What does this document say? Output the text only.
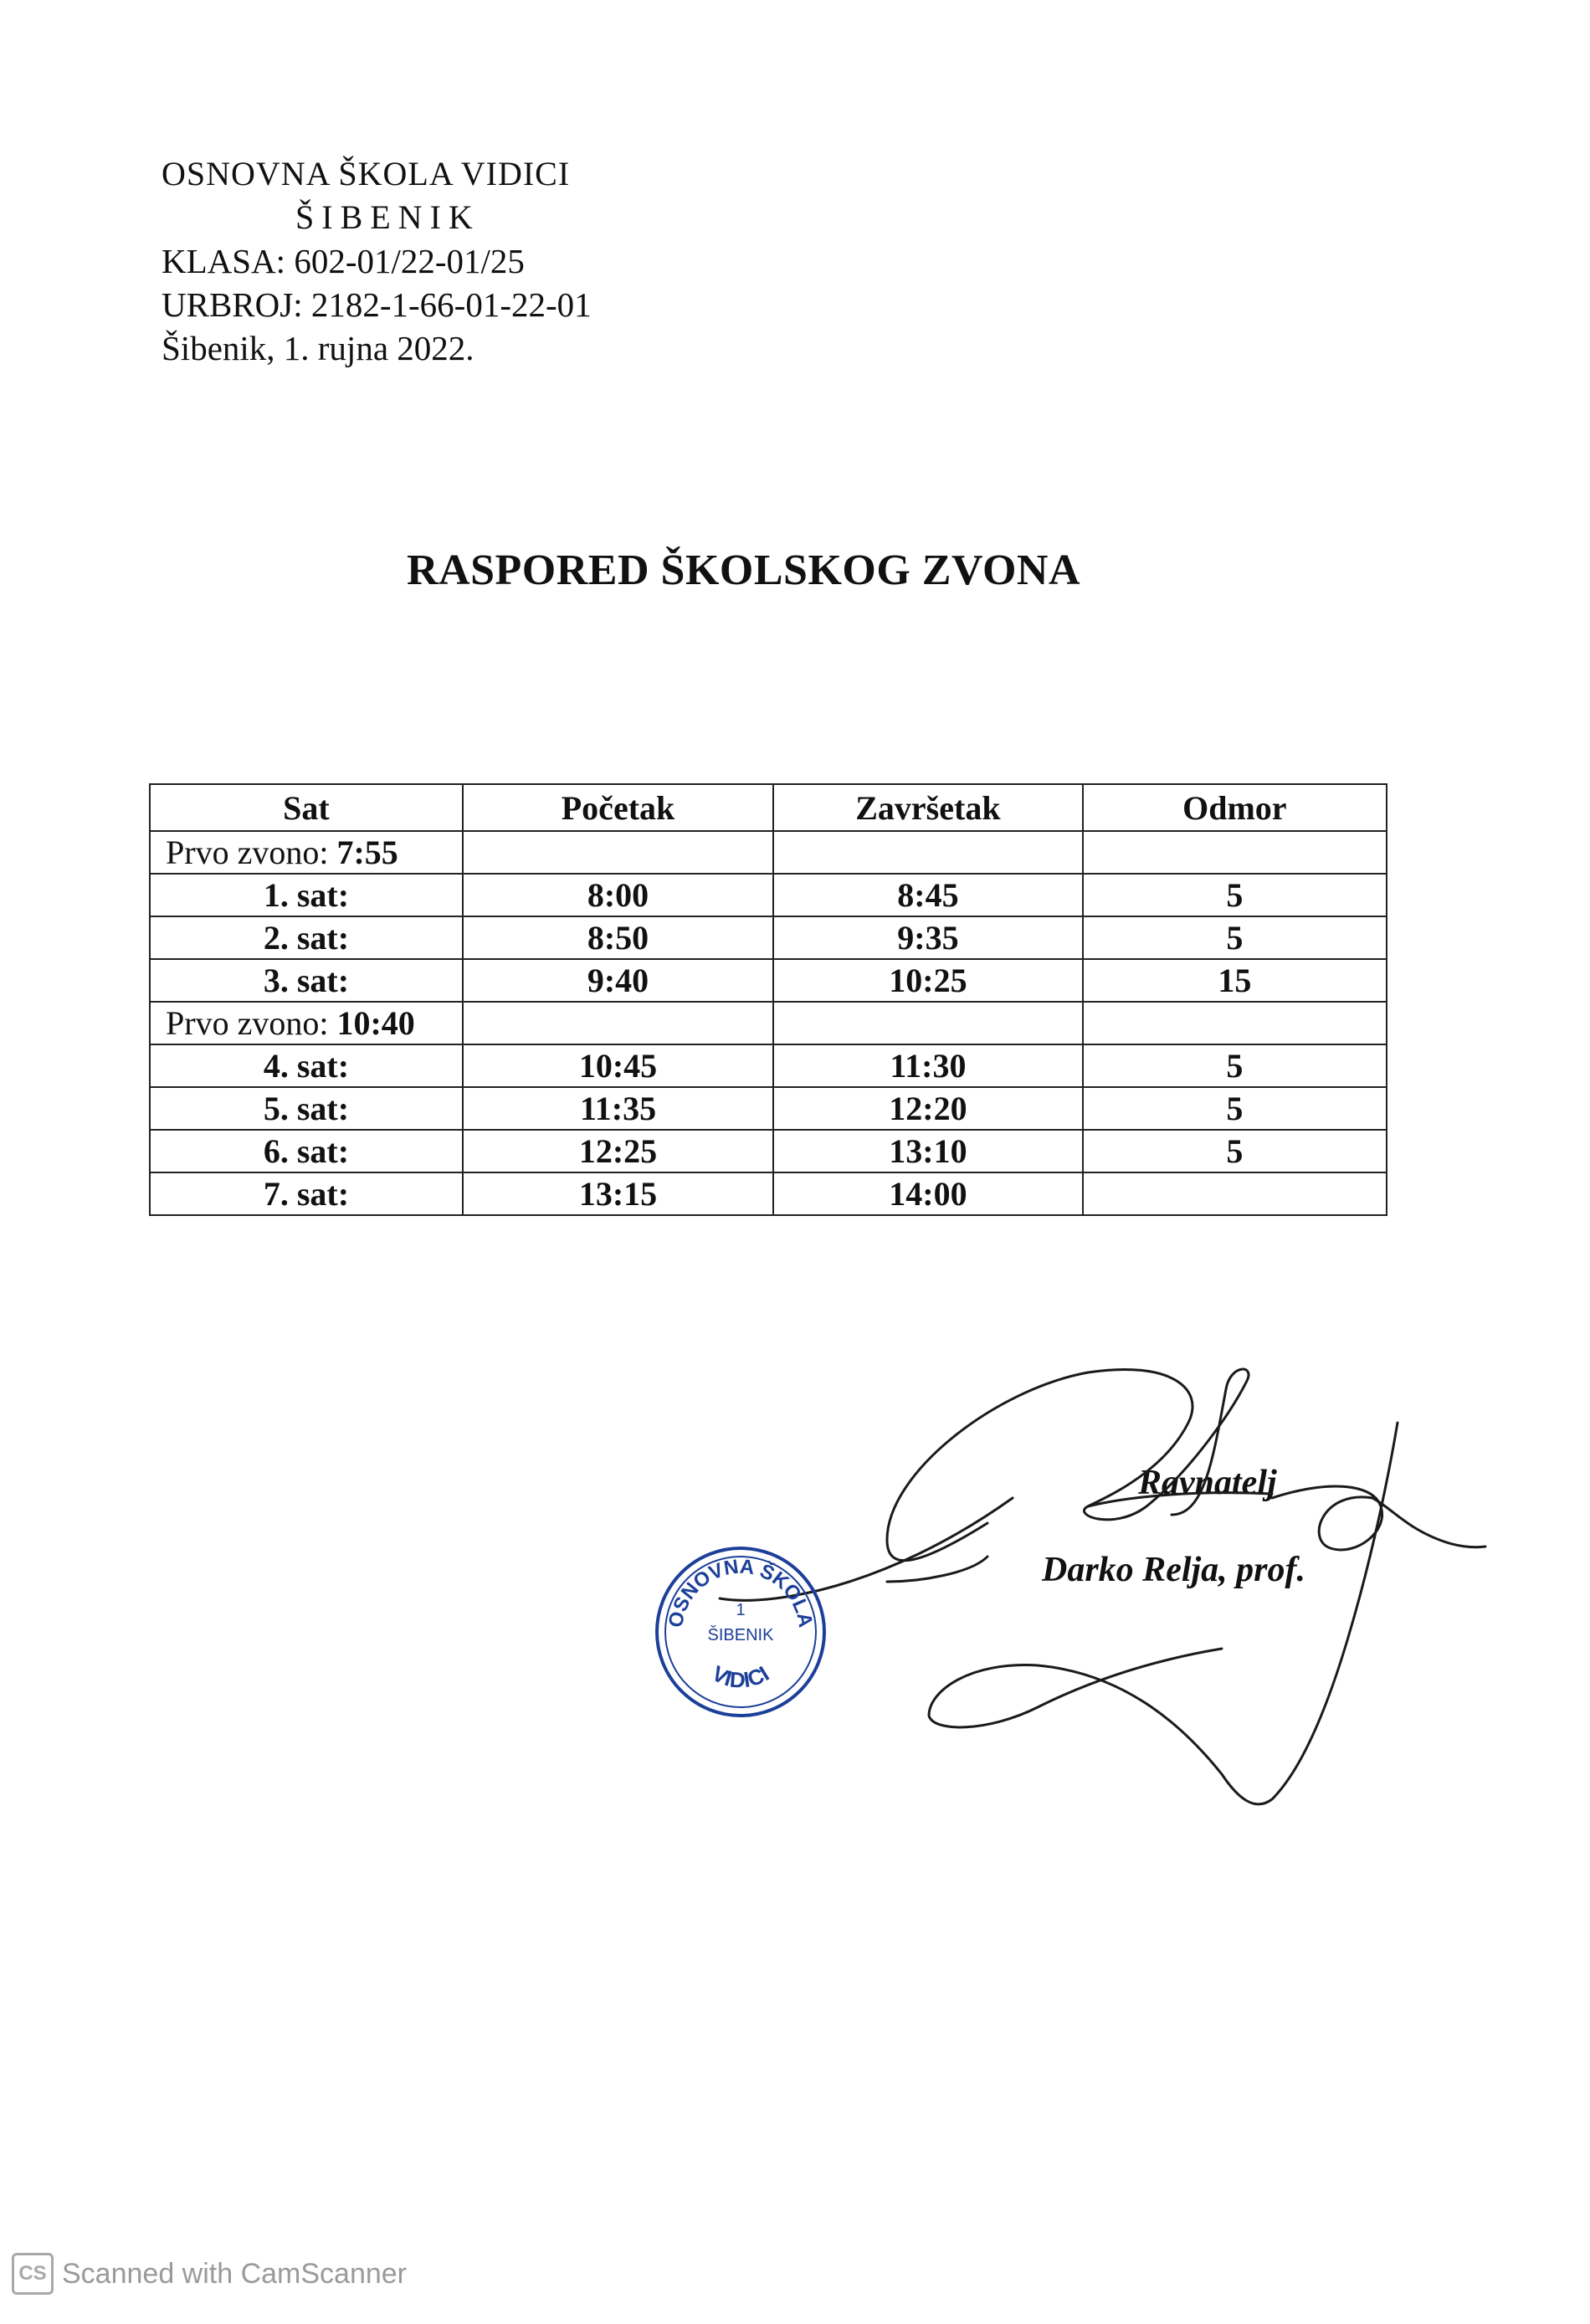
OSNOVNA ŠKOLA VIDICI
ŠIBENIK
KLASA: 602-01/22-01/25
URBROJ: 2182-1-66-01-22-01
Šibenik, 1. rujna 2022.
RASPORED ŠKOLSKOG ZVONA
Sat	Početak	Završetak	Odmor
Prvo zvono: 7:55			
1. sat:	8:00	8:45	5
2. sat:	8:50	9:35	5
3. sat:	9:40	10:25	15
Prvo zvono: 10:40			
4. sat:	10:45	11:30	5
5. sat:	11:35	12:20	5
6. sat:	12:25	13:10	5
7. sat:	13:15	14:00	
Ravnatelj
Darko Relja, prof.
OSNOVNA ŠKOLA
VIDICI
1
ŠIBENIK
CS Scanned with CamScanner
